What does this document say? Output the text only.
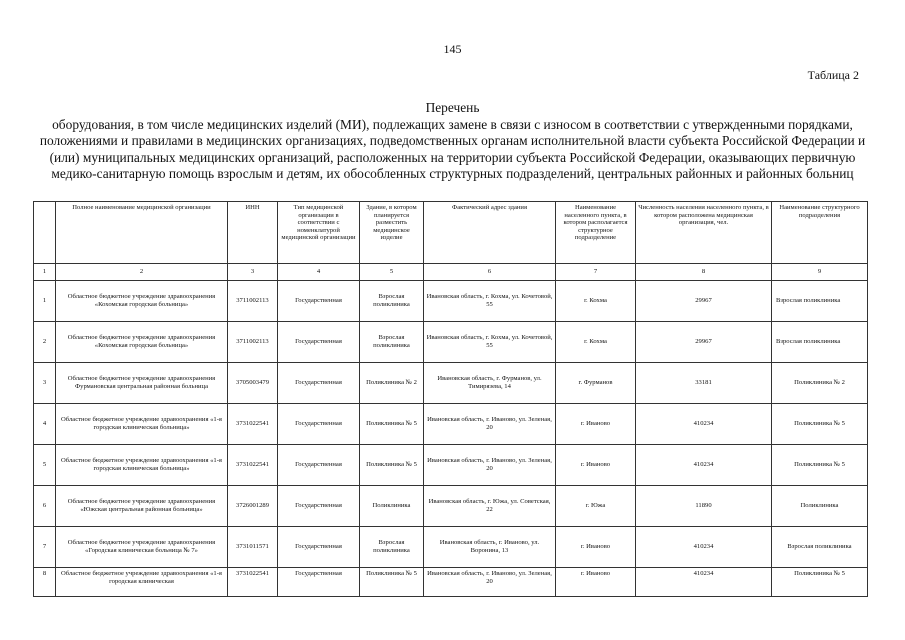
145
Таблица 2
Перечень
оборудования, в том числе медицинских изделий (МИ), подлежащих замене в связи с износом в соответствии с утвержденными порядками, положениями и правилами в медицинских организациях, подведомственных органам исполнительной власти субъекта Российской Федерации и (или) муниципальных медицинских организаций, расположенных на территории субъекта Российской Федерации, оказывающих первичную медико-санитарную помощь взрослым и детям, их обособленных структурных подразделений, центральных районных и районных больниц
	Полное наименование медицинской организации	ИНН	Тип медицинской организации в соответствии с номенклатурой медицинской организации	Здание, в котором планируется разместить медицинское изделие	Фактический адрес здания	Наименование населенного пункта, в котором располагается структурное подразделение	Численность населения населенного пункта, в котором расположена медицинская организация, чел.	Наименование структурного подразделения
1	2	3	4	5	6	7	8	9
1	Областное бюджетное учреждение здравоохранения «Кохомская городская больница»	3711002113	Государственная	Взрослая поликлиника	Ивановская область, г. Кохма, ул. Кочетовой, 55	г. Кохма	29967	Взрослая поликлиника
2	Областное бюджетное учреждение здравоохранения «Кохомская городская больница»	3711002113	Государственная	Взрослая поликлиника	Ивановская область, г. Кохма, ул. Кочетовой, 55	г. Кохма	29967	Взрослая поликлиника
3	Областное бюджетное учреждение здравоохранения Фурмановская центральная районная больница	3705003479	Государственная	Поликлиника № 2	Ивановская область, г. Фурманов, ул. Тимирязева, 14	г. Фурманов	33181	Поликлиника № 2
4	Областное бюджетное учреждение здравоохранения «1-я городская клиническая больница»	3731022541	Государственная	Поликлиника № 5	Ивановская область, г. Иваново, ул. Зеленая, 20	г. Иваново	410234	Поликлиника № 5
5	Областное бюджетное учреждение здравоохранения «1-я городская клиническая больница»	3731022541	Государственная	Поликлиника № 5	Ивановская область, г. Иваново, ул. Зеленая, 20	г. Иваново	410234	Поликлиника № 5
6	Областное бюджетное учреждение здравоохранения «Южская центральная районная больница»	3726001289	Государственная	Поликлиника	Ивановская область, г. Южа, ул. Советская, 22	г. Южа	11890	Поликлиника
7	Областное бюджетное учреждение здравоохранения «Городская клиническая больница № 7»	3731011571	Государственная	Взрослая поликлиника	Ивановская область, г. Иваново, ул. Воронина, 13	г. Иваново	410234	Взрослая поликлиника
8	Областное бюджетное учреждение здравоохранения «1-я городская клиническая	3731022541	Государственная	Поликлиника № 5	Ивановская область, г. Иваново, ул. Зеленая, 20	г. Иваново	410234	Поликлиника № 5
